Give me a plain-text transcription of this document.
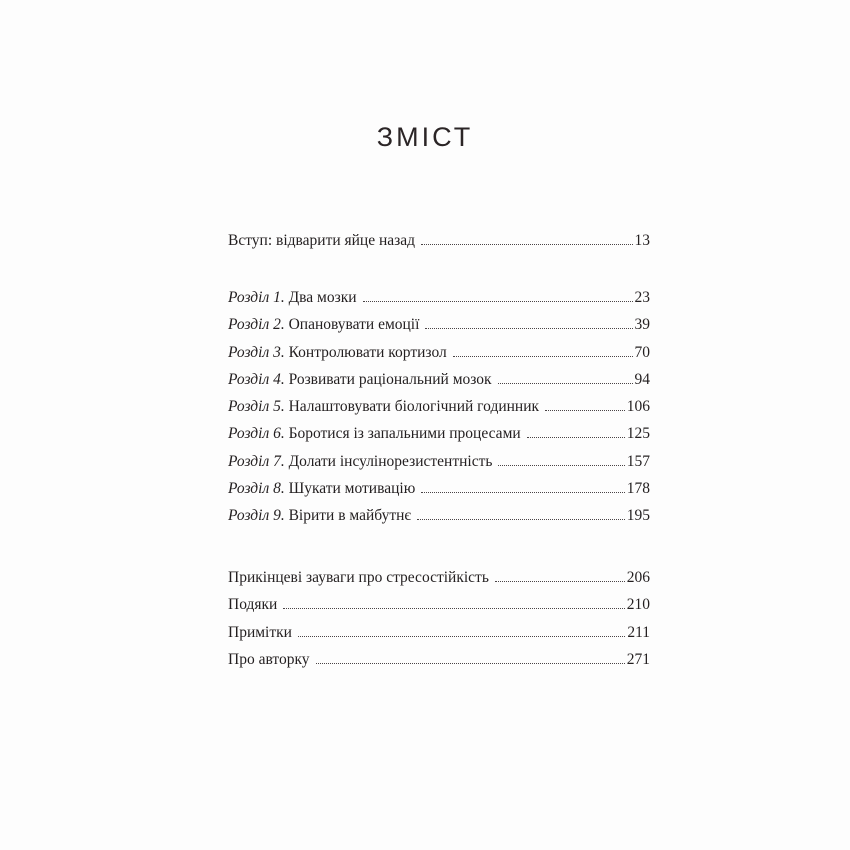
ЗМІСТ
Вступ: відварити яйце назад	13
Розділ 1. Два мозки	23
Розділ 2. Опановувати емоції	39
Розділ 3. Контролювати кортизол	70
Розділ 4. Розвивати раціональний мозок	94
Розділ 5. Налаштовувати біологічний годинник	106
Розділ 6. Боротися із запальними процесами	125
Розділ 7. Долати інсулінорезистентність	157
Розділ 8. Шукати мотивацію	178
Розділ 9. Вірити в майбутнє	195
Прикінцеві зауваги про стресостійкість	206
Подяки	210
Примітки	211
Про авторку	271
